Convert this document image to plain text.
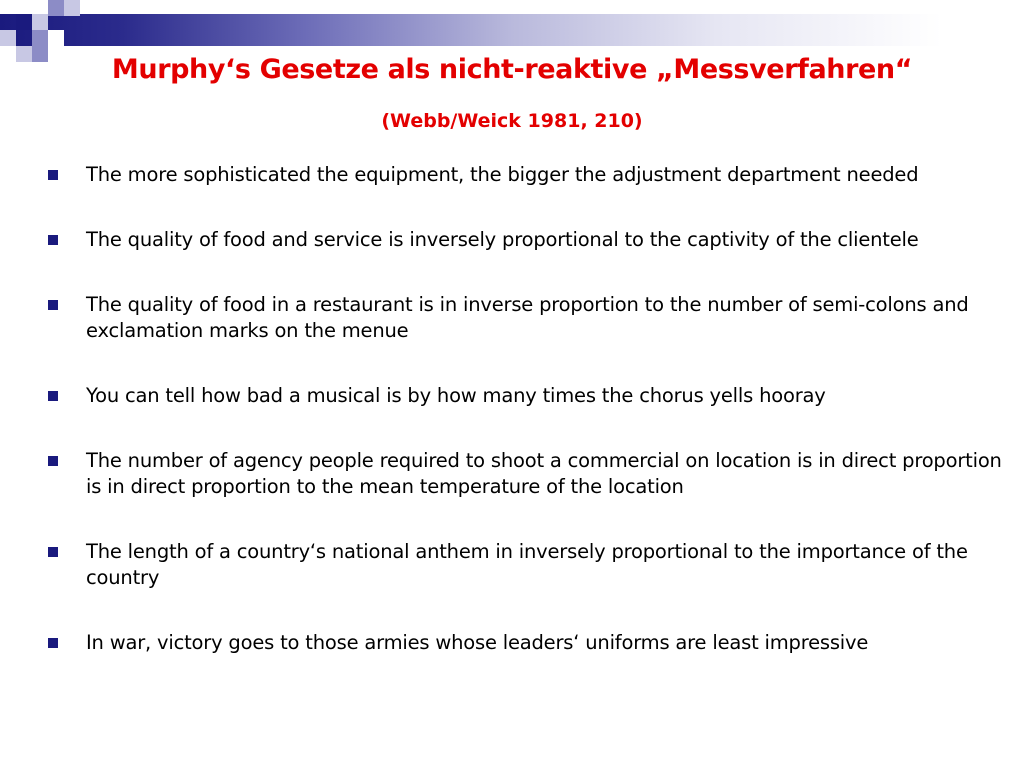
Murphy‘s Gesetze als nicht-reaktive „Messverfahren“
(Webb/Weick 1981, 210)
The more sophisticated the equipment, the bigger the adjustment department needed
The quality of food and service is inversely proportional to the captivity of the clientele
The quality of food in a restaurant is in inverse proportion to the number of semi-colons and exclamation marks on the menue
You can tell how bad a musical is by how many times the chorus yells hooray
The number of agency people required to shoot a commercial on location is in direct proportion is in direct proportion to the mean temperature of the location
The length of a country‘s national anthem in inversely proportional to the importance of the country
In war, victory goes to those armies whose leaders‘ uniforms are least impressive
